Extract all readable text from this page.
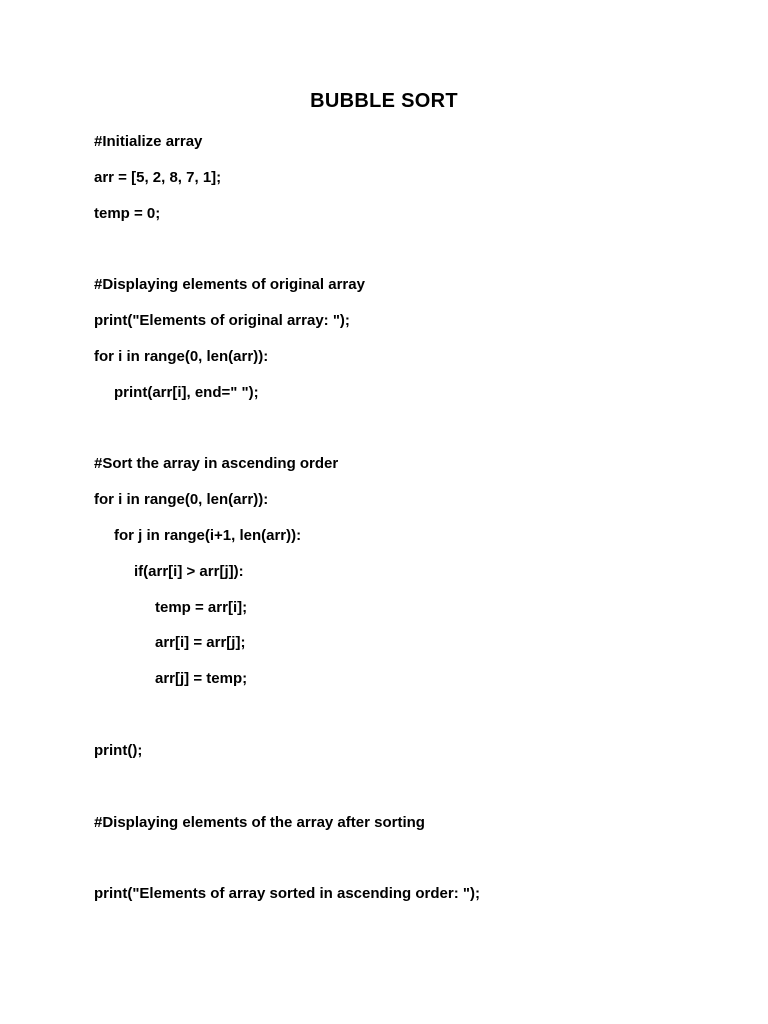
BUBBLE SORT
#Initialize array
arr = [5, 2, 8, 7, 1];
temp = 0;
#Displaying elements of original array
print("Elements of original array: ");
for i in range(0, len(arr)):
print(arr[i], end=" ");
#Sort the array in ascending order
for i in range(0, len(arr)):
for j in range(i+1, len(arr)):
if(arr[i] > arr[j]):
temp = arr[i];
arr[i] = arr[j];
arr[j] = temp;
print();
#Displaying elements of the array after sorting
print("Elements of array sorted in ascending order: ");
